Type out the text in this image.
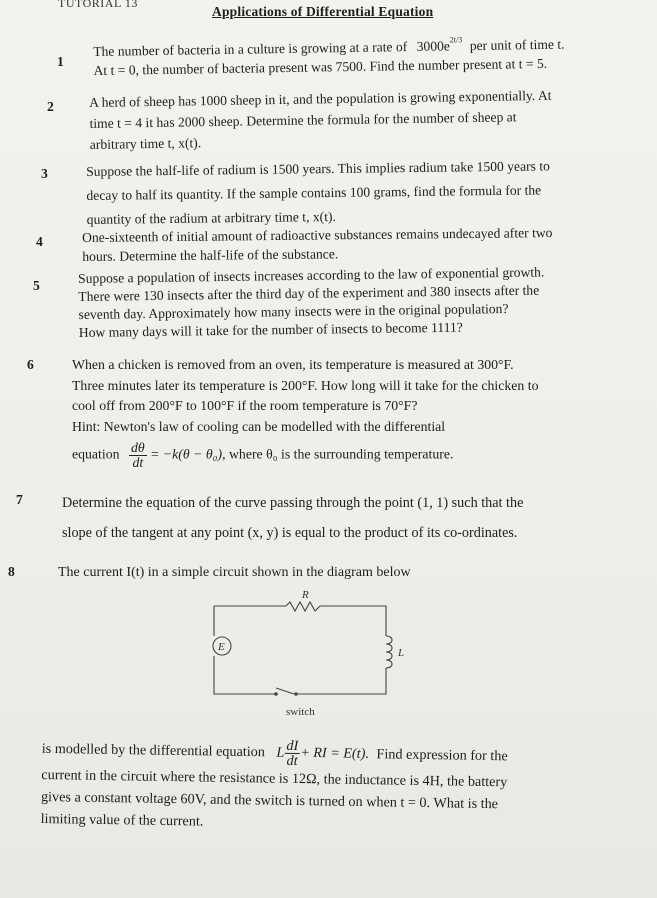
TUTORIAL 13
Applications of Differential Equation
1
The number of bacteria in a culture is growing at a rate of $3000e^{2t/3}$ per unit of time t.
At t = 0, the number of bacteria present was 7500. Find the number present at t = 5.
2	A herd of sheep has 1000 sheep in it, and the population is growing exponentially. At
time t = 4 it has 2000 sheep. Determine the formula for the number of sheep at
arbitrary time t, x(t).
3	Suppose the half-life of radium is 1500 years. This implies radium take 1500 years to
decay to half its quantity. If the sample contains 100 grams, find the formula for the
quantity of the radium at arbitrary time t, x(t).
4	One-sixteenth of initial amount of radioactive substances remains undecayed after two
hours. Determine the half-life of the substance.
5	Suppose a population of insects increases according to the law of exponential growth.
There were 130 insects after the third day of the experiment and 380 insects after the
seventh day. Approximately how many insects were in the original population?
How many days will it take for the number of insects to become 1111?
6	When a chicken is removed from an oven, its temperature is measured at 300°F.
Three minutes later its temperature is 200°F. How long will it take for the chicken to
cool off from 200°F to 100°F if the room temperature is 70°F?
Hint: Newton's law of cooling can be modelled with the differential
equation $\frac{d\theta}{dt} = -k(\theta - \theta_0)$, where θ₀ is the surrounding temperature.
7	Determine the equation of the curve passing through the point (1, 1) such that the
slope of the tangent at any point (x, y) is equal to the product of its co-ordinates.
8	The current I(t) in a simple circuit shown in the diagram below
R
E	L
switch
is modelled by the differential equation L $\frac{dI}{dt}$ + RI = E(t). Find expression for the
current in the circuit where the resistance is 12Ω, the inductance is 4H, the battery
gives a constant voltage 60V, and the switch is turned on when t = 0. What is the
limiting value of the current.
